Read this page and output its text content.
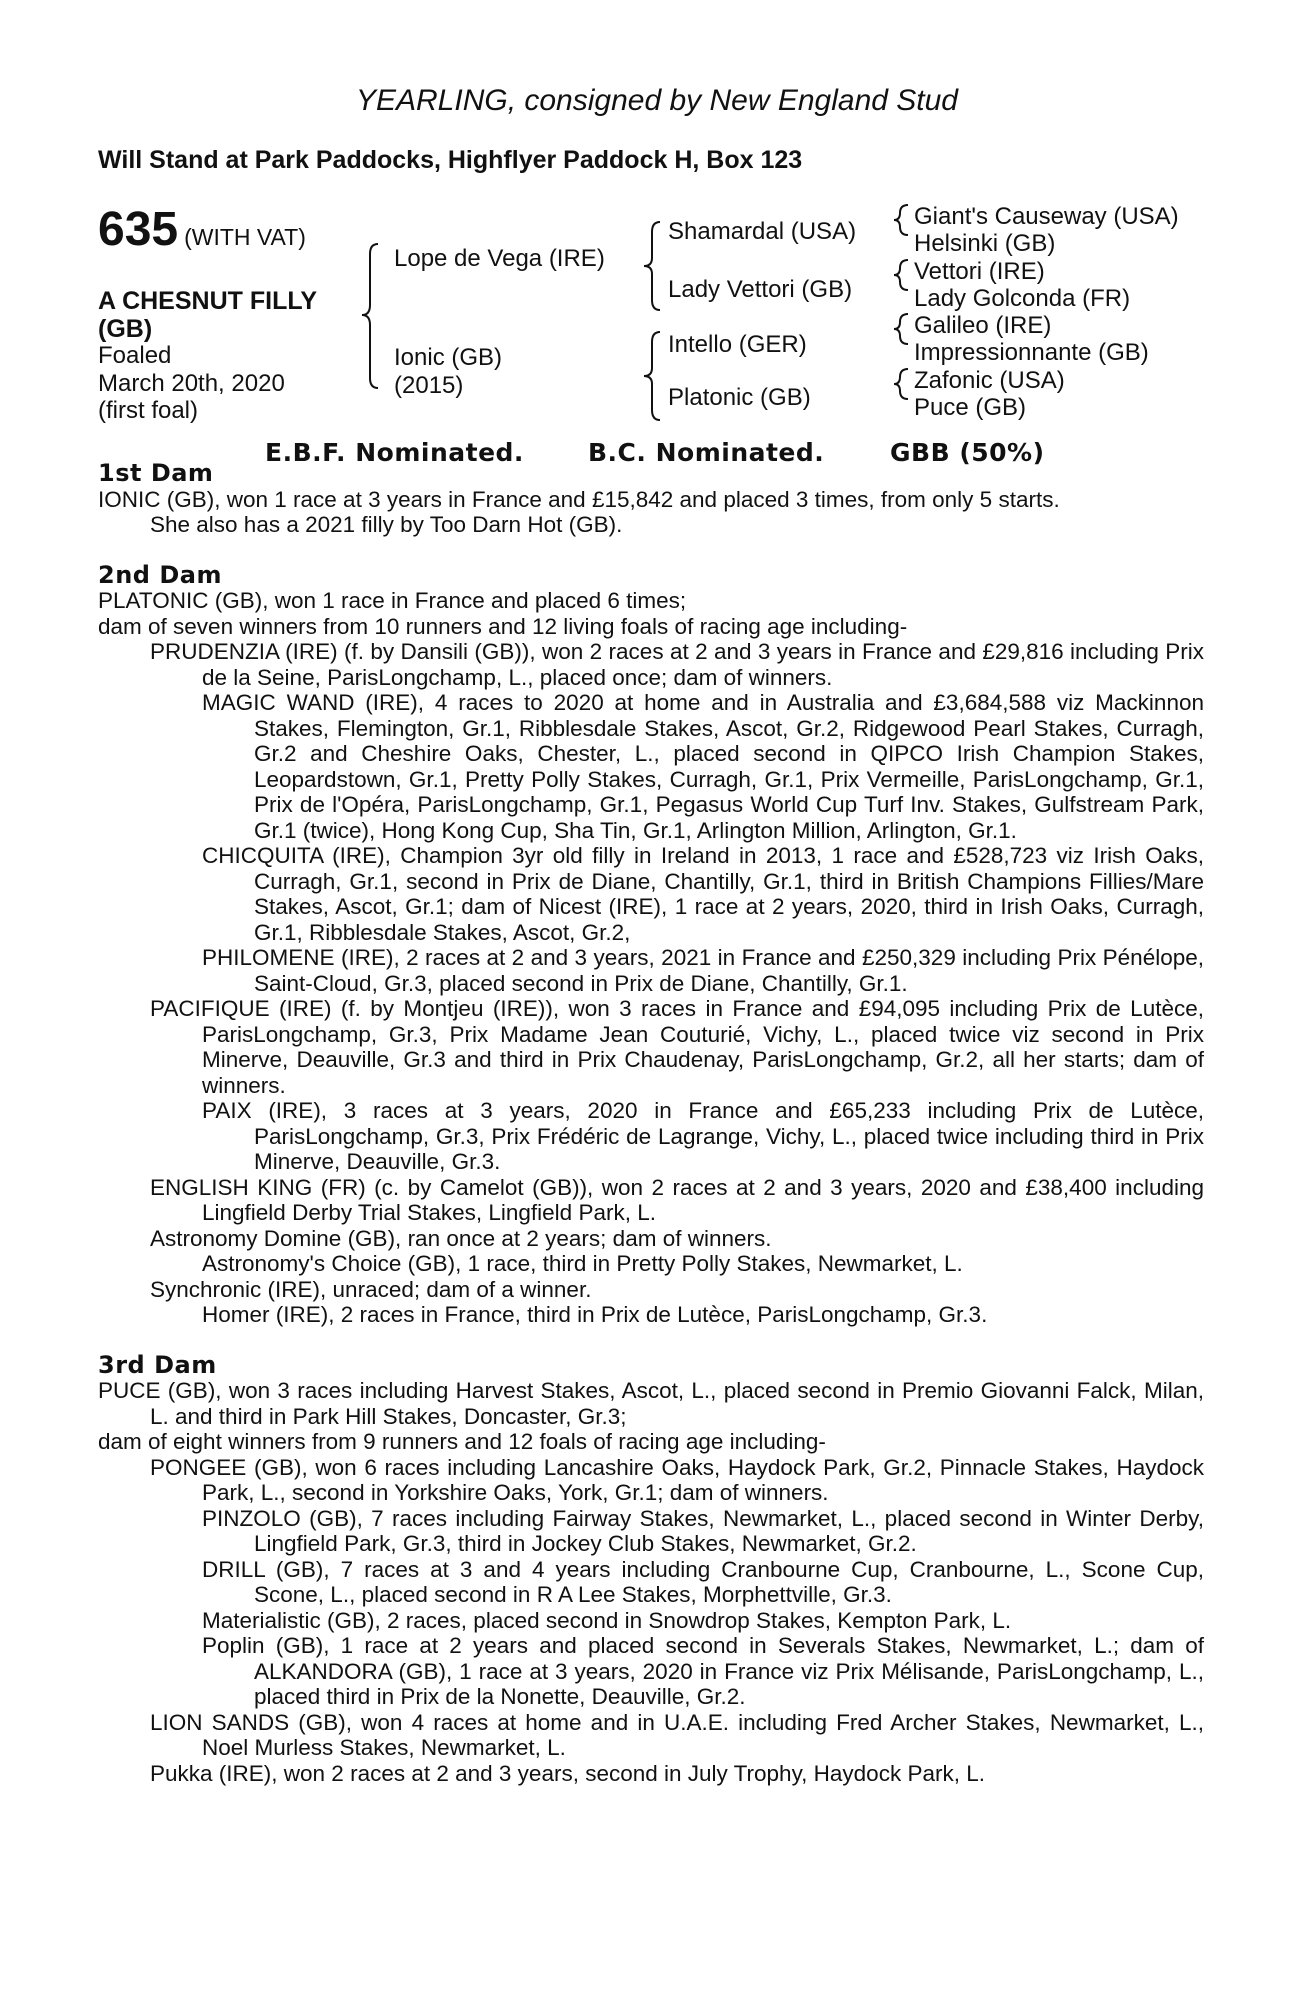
YEARLING, consigned by New England Stud
Will Stand at Park Paddocks, Highflyer Paddock H, Box 123
635 (WITH VAT)
A CHESNUT FILLY
(GB)
Foaled
March 20th, 2020
(first foal)
Lope de Vega (IRE)
Ionic (GB)
(2015)
Shamardal (USA)
Lady Vettori (GB)
Intello (GER)
Platonic (GB)
Giant's Causeway (USA)
Helsinki (GB)
Vettori (IRE)
Lady Golconda (FR)
Galileo (IRE)
Impressionnante (GB)
Zafonic (USA)
Puce (GB)
E.B.F. Nominated.	B.C. Nominated.	GBB (50%)

1st Dam

IONIC (GB), won 1 race at 3 years in France and £15,842 and placed 3 times, from only 5 starts.

She also has a 2021 filly by Too Darn Hot (GB).

2nd Dam

PLATONIC (GB), won 1 race in France and placed 6 times;

dam of seven winners from 10 runners and 12 living foals of racing age including-

PRUDENZIA (IRE) (f. by Dansili (GB)), won 2 races at 2 and 3 years in France and £29,816 including Prix de la Seine, ParisLongchamp, L., placed once; dam of winners.

MAGIC WAND (IRE), 4 races to 2020 at home and in Australia and £3,684,588 viz Mackinnon Stakes, Flemington, Gr.1, Ribblesdale Stakes, Ascot, Gr.2, Ridgewood Pearl Stakes, Curragh, Gr.2 and Cheshire Oaks, Chester, L., placed second in QIPCO Irish Champion Stakes, Leopardstown, Gr.1, Pretty Polly Stakes, Curragh, Gr.1, Prix Vermeille, ParisLongchamp, Gr.1, Prix de l'Opéra, ParisLongchamp, Gr.1, Pegasus World Cup Turf Inv. Stakes, Gulfstream Park, Gr.1 (twice), Hong Kong Cup, Sha Tin, Gr.1, Arlington Million, Arlington, Gr.1.

CHICQUITA (IRE), Champion 3yr old filly in Ireland in 2013, 1 race and £528,723 viz Irish Oaks, Curragh, Gr.1, second in Prix de Diane, Chantilly, Gr.1, third in British Champions Fillies/Mare Stakes, Ascot, Gr.1; dam of Nicest (IRE), 1 race at 2 years, 2020, third in Irish Oaks, Curragh, Gr.1, Ribblesdale Stakes, Ascot, Gr.2,

PHILOMENE (IRE), 2 races at 2 and 3 years, 2021 in France and £250,329 including Prix Pénélope, Saint-Cloud, Gr.3, placed second in Prix de Diane, Chantilly, Gr.1.

PACIFIQUE (IRE) (f. by Montjeu (IRE)), won 3 races in France and £94,095 including Prix de Lutèce, ParisLongchamp, Gr.3, Prix Madame Jean Couturié, Vichy, L., placed twice viz second in Prix Minerve, Deauville, Gr.3 and third in Prix Chaudenay, ParisLongchamp, Gr.2, all her starts; dam of winners.

PAIX (IRE), 3 races at 3 years, 2020 in France and £65,233 including Prix de Lutèce, ParisLongchamp, Gr.3, Prix Frédéric de Lagrange, Vichy, L., placed twice including third in Prix Minerve, Deauville, Gr.3.

ENGLISH KING (FR) (c. by Camelot (GB)), won 2 races at 2 and 3 years, 2020 and £38,400 including Lingfield Derby Trial Stakes, Lingfield Park, L.

Astronomy Domine (GB), ran once at 2 years; dam of winners.

Astronomy's Choice (GB), 1 race, third in Pretty Polly Stakes, Newmarket, L.

Synchronic (IRE), unraced; dam of a winner.

Homer (IRE), 2 races in France, third in Prix de Lutèce, ParisLongchamp, Gr.3.

3rd Dam

PUCE (GB), won 3 races including Harvest Stakes, Ascot, L., placed second in Premio Giovanni Falck, Milan, L. and third in Park Hill Stakes, Doncaster, Gr.3;

dam of eight winners from 9 runners and 12 foals of racing age including-

PONGEE (GB), won 6 races including Lancashire Oaks, Haydock Park, Gr.2, Pinnacle Stakes, Haydock Park, L., second in Yorkshire Oaks, York, Gr.1; dam of winners.

PINZOLO (GB), 7 races including Fairway Stakes, Newmarket, L., placed second in Winter Derby, Lingfield Park, Gr.3, third in Jockey Club Stakes, Newmarket, Gr.2.

DRILL (GB), 7 races at 3 and 4 years including Cranbourne Cup, Cranbourne, L., Scone Cup, Scone, L., placed second in R A Lee Stakes, Morphettville, Gr.3.

Materialistic (GB), 2 races, placed second in Snowdrop Stakes, Kempton Park, L.

Poplin (GB), 1 race at 2 years and placed second in Severals Stakes, Newmarket, L.; dam of ALKANDORA (GB), 1 race at 3 years, 2020 in France viz Prix Mélisande, ParisLongchamp, L., placed third in Prix de la Nonette, Deauville, Gr.2.

LION SANDS (GB), won 4 races at home and in U.A.E. including Fred Archer Stakes, Newmarket, L., Noel Murless Stakes, Newmarket, L.

Pukka (IRE), won 2 races at 2 and 3 years, second in July Trophy, Haydock Park, L.
